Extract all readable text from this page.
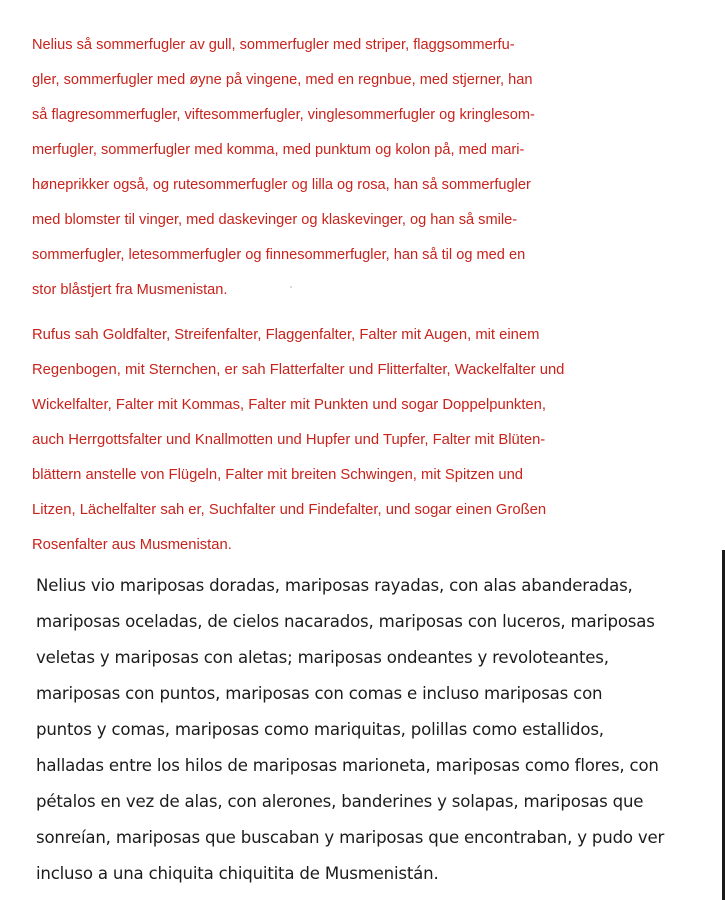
Nelius så sommerfugler av gull, sommerfugler med striper, flaggsommerfu-
gler, sommerfugler med øyne på vingene, med en regnbue, med stjerner, han
så flagresommerfugler, viftesommerfugler, vinglesommerfugler og kringlesom-
merfugler, sommerfugler med komma, med punktum og kolon på, med mari-
høneprikker også, og rutesommerfugler og lilla og rosa, han så sommerfugler
med blomster til vinger, med daskevinger og klaskevinger, og han så smile-
sommerfugler, letesommerfugler og finnesommerfugler, han så til og med en
stor blåstjert fra Musmenistan.
Rufus sah Goldfalter, Streifenfalter, Flaggenfalter, Falter mit Augen, mit einem
Regenbogen, mit Sternchen, er sah Flatterfalter und Flitterfalter, Wackelfalter und
Wickelfalter, Falter mit Kommas, Falter mit Punkten und sogar Doppelpunkten,
auch Herrgottsfalter und Knallmotten und Hupfer und Tupfer, Falter mit Blüten-
blättern anstelle von Flügeln, Falter mit breiten Schwingen, mit Spitzen und
Litzen, Lächelfalter sah er, Suchfalter und Findefalter, und sogar einen Großen
Rosenfalter aus Musmenistan.
Nelius vio mariposas doradas, mariposas rayadas, con alas abanderadas,
mariposas oceladas, de cielos nacarados, mariposas con luceros, mariposas
veletas y mariposas con aletas; mariposas ondeantes y revoloteantes,
mariposas con puntos, mariposas con comas e incluso mariposas con
puntos y comas, mariposas como mariquitas, polillas como estallidos,
halladas entre los hilos de mariposas marioneta, mariposas como flores, con
pétalos en vez de alas, con alerones, banderines y solapas, mariposas que
sonreían, mariposas que buscaban y mariposas que encontraban, y pudo ver
incluso a una chiquita chiquitita de Musmenistán.
